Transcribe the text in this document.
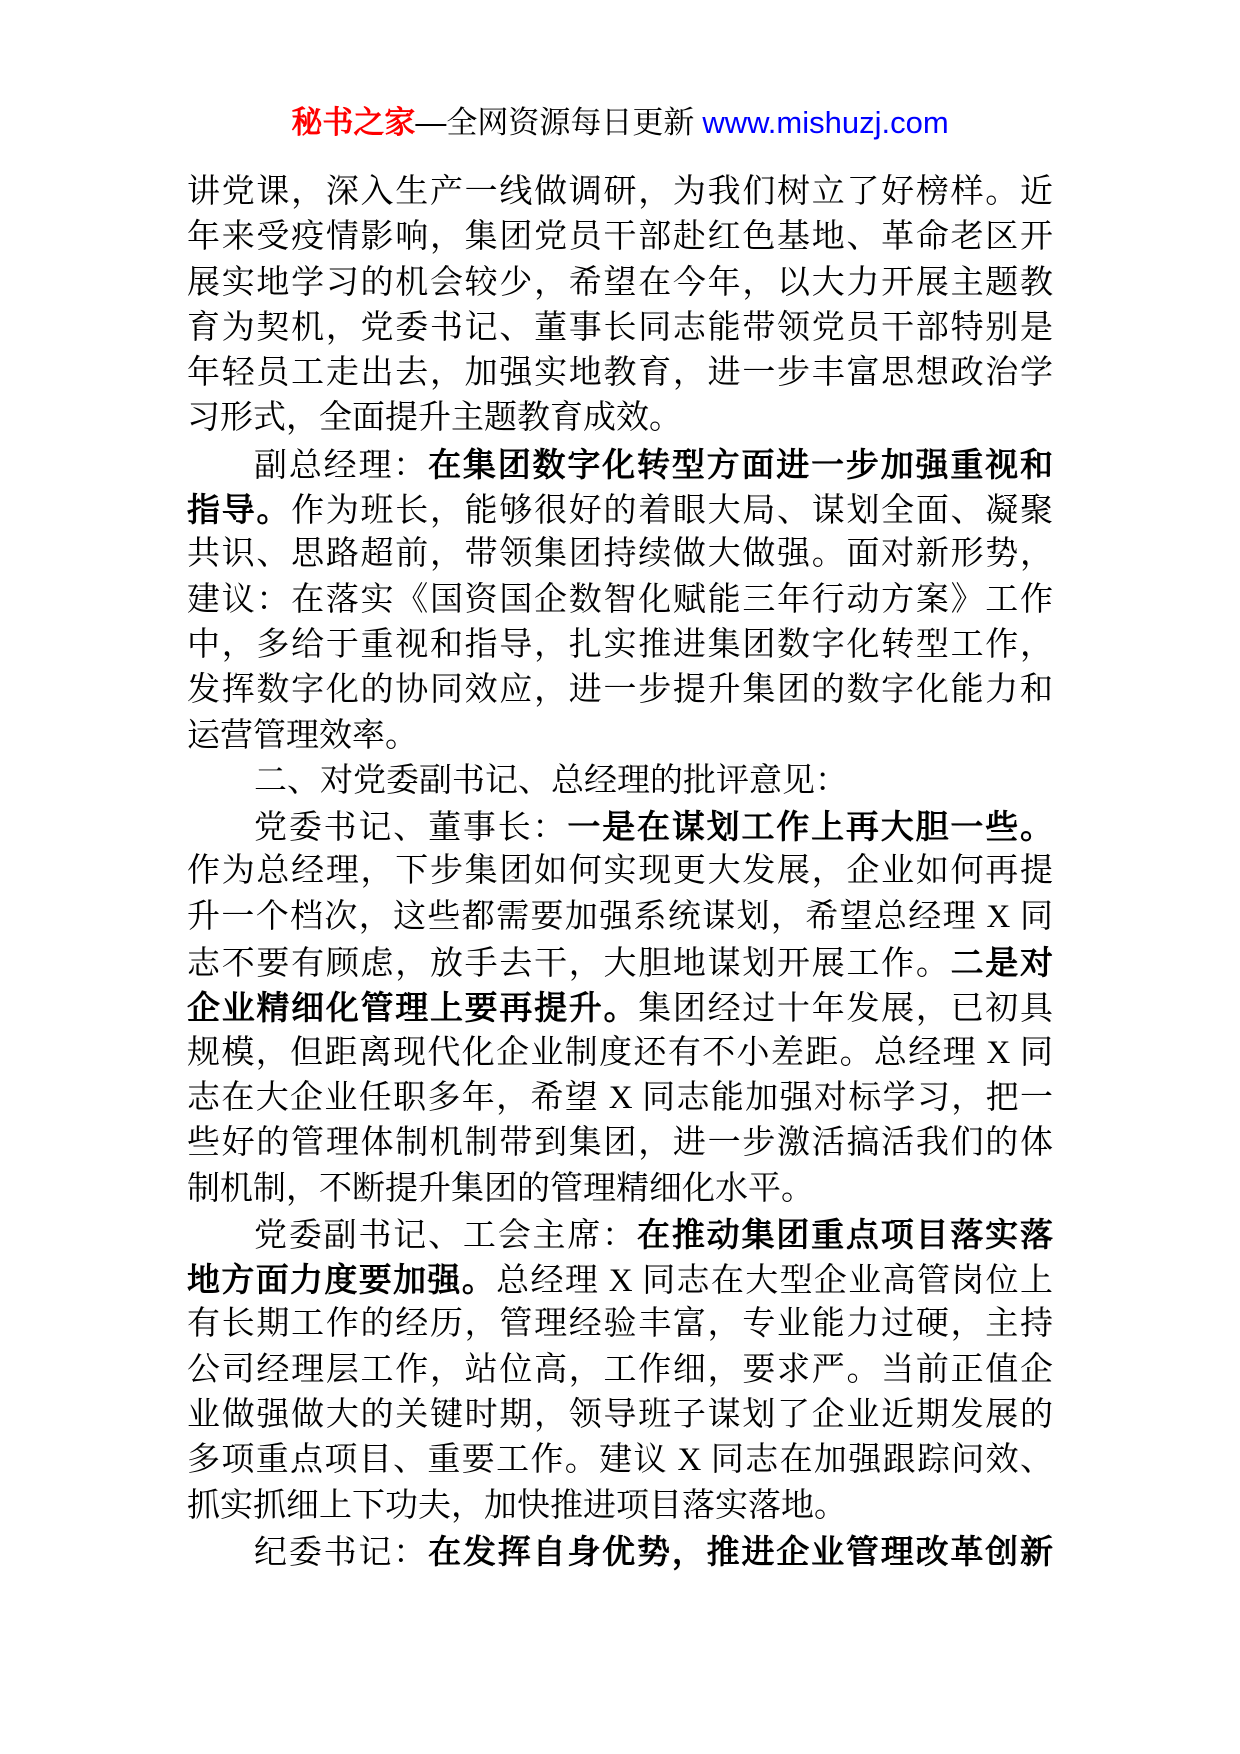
秘书之家—全网资源每日更新 www.mishuzj.com
讲党课，深入生产一线做调研，为我们树立了好榜样。近
年来受疫情影响，集团党员干部赴红色基地、革命老区开
展实地学习的机会较少，希望在今年，以大力开展主题教
育为契机，党委书记、董事长同志能带领党员干部特别是
年轻员工走出去，加强实地教育，进一步丰富思想政治学
习形式，全面提升主题教育成效。
副总经理：在集团数字化转型方面进一步加强重视和
指导。作为班长，能够很好的着眼大局、谋划全面、凝聚
共识、思路超前，带领集团持续做大做强。面对新形势，
建议：在落实《国资国企数智化赋能三年行动方案》工作
中，多给于重视和指导，扎实推进集团数字化转型工作，
发挥数字化的协同效应，进一步提升集团的数字化能力和
运营管理效率。
二、对党委副书记、总经理的批评意见：
党委书记、董事长：一是在谋划工作上再大胆一些。
作为总经理，下步集团如何实现更大发展，企业如何再提
升一个档次，这些都需要加强系统谋划，希望总经理 X 同
志不要有顾虑，放手去干，大胆地谋划开展工作。二是对
企业精细化管理上要再提升。集团经过十年发展，已初具
规模，但距离现代化企业制度还有不小差距。总经理 X 同
志在大企业任职多年，希望 X 同志能加强对标学习，把一
些好的管理体制机制带到集团，进一步激活搞活我们的体
制机制，不断提升集团的管理精细化水平。
党委副书记、工会主席：在推动集团重点项目落实落
地方面力度要加强。总经理 X 同志在大型企业高管岗位上
有长期工作的经历，管理经验丰富，专业能力过硬，主持
公司经理层工作，站位高，工作细，要求严。当前正值企
业做强做大的关键时期，领导班子谋划了企业近期发展的
多项重点项目、重要工作。建议 X 同志在加强跟踪问效、
抓实抓细上下功夫，加快推进项目落实落地。
纪委书记：在发挥自身优势，推进企业管理改革创新
